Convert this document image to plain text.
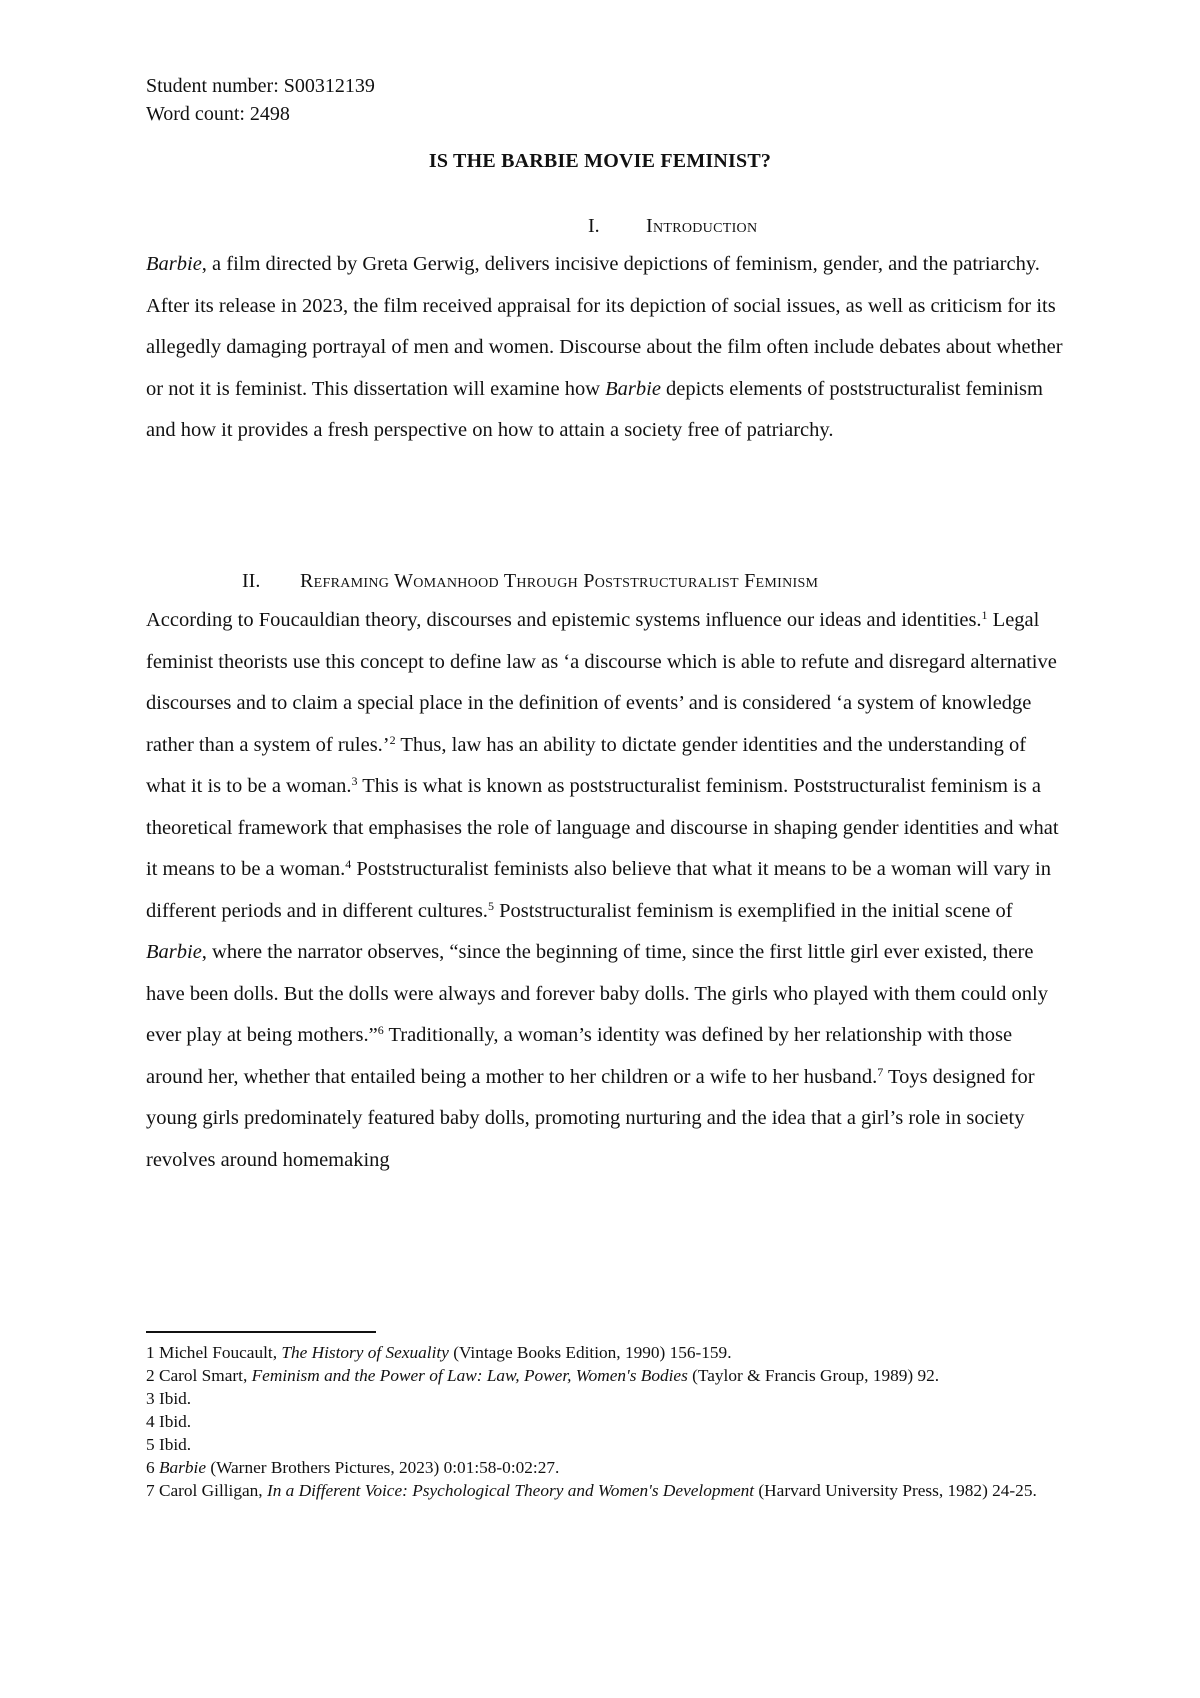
Student number: S00312139
Word count: 2498
IS THE BARBIE MOVIE FEMINIST?
I. Introduction

Barbie, a film directed by Greta Gerwig, delivers incisive depictions of feminism, gender, and the patriarchy. After its release in 2023, the film received appraisal for its depiction of social issues, as well as criticism for its allegedly damaging portrayal of men and women. Discourse about the film often include debates about whether or not it is feminist. This dissertation will examine how Barbie depicts elements of poststructuralist feminism and how it provides a fresh perspective on how to attain a society free of patriarchy.

II. Reframing Womanhood Through Poststructuralist Feminism

According to Foucauldian theory, discourses and epistemic systems influence our ideas and identities.$^1$ Legal feminist theorists use this concept to define law as ‘a discourse which is able to refute and disregard alternative discourses and to claim a special place in the definition of events’ and is considered ‘a system of knowledge rather than a system of rules.’$^2$ Thus, law has an ability to dictate gender identities and the understanding of what it is to be a woman.$^3$ This is what is known as poststructuralist feminism. Poststructuralist feminism is a theoretical framework that emphasises the role of language and discourse in shaping gender identities and what it means to be a woman.$^4$ Poststructuralist feminists also believe that what it means to be a woman will vary in different periods and in different cultures.$^5$ Poststructuralist feminism is exemplified in the initial scene of Barbie, where the narrator observes, “since the beginning of time, since the first little girl ever existed, there have been dolls. But the dolls were always and forever baby dolls. The girls who played with them could only ever play at being mothers.”$^6$ Traditionally, a woman’s identity was defined by her relationship with those around her, whether that entailed being a mother to her children or a wife to her husband.$^7$ Toys designed for young girls predominately featured baby dolls, promoting nurturing and the idea that a girl’s role in society revolves around homemaking

1 Michel Foucault, The History of Sexuality (Vintage Books Edition, 1990) 156-159.
2 Carol Smart, Feminism and the Power of Law: Law, Power, Women's Bodies (Taylor & Francis Group, 1989) 92.
3 Ibid.
4 Ibid.
5 Ibid.
6 Barbie (Warner Brothers Pictures, 2023) 0:01:58-0:02:27.
7 Carol Gilligan, In a Different Voice: Psychological Theory and Women's Development (Harvard University Press, 1982) 24-25.
